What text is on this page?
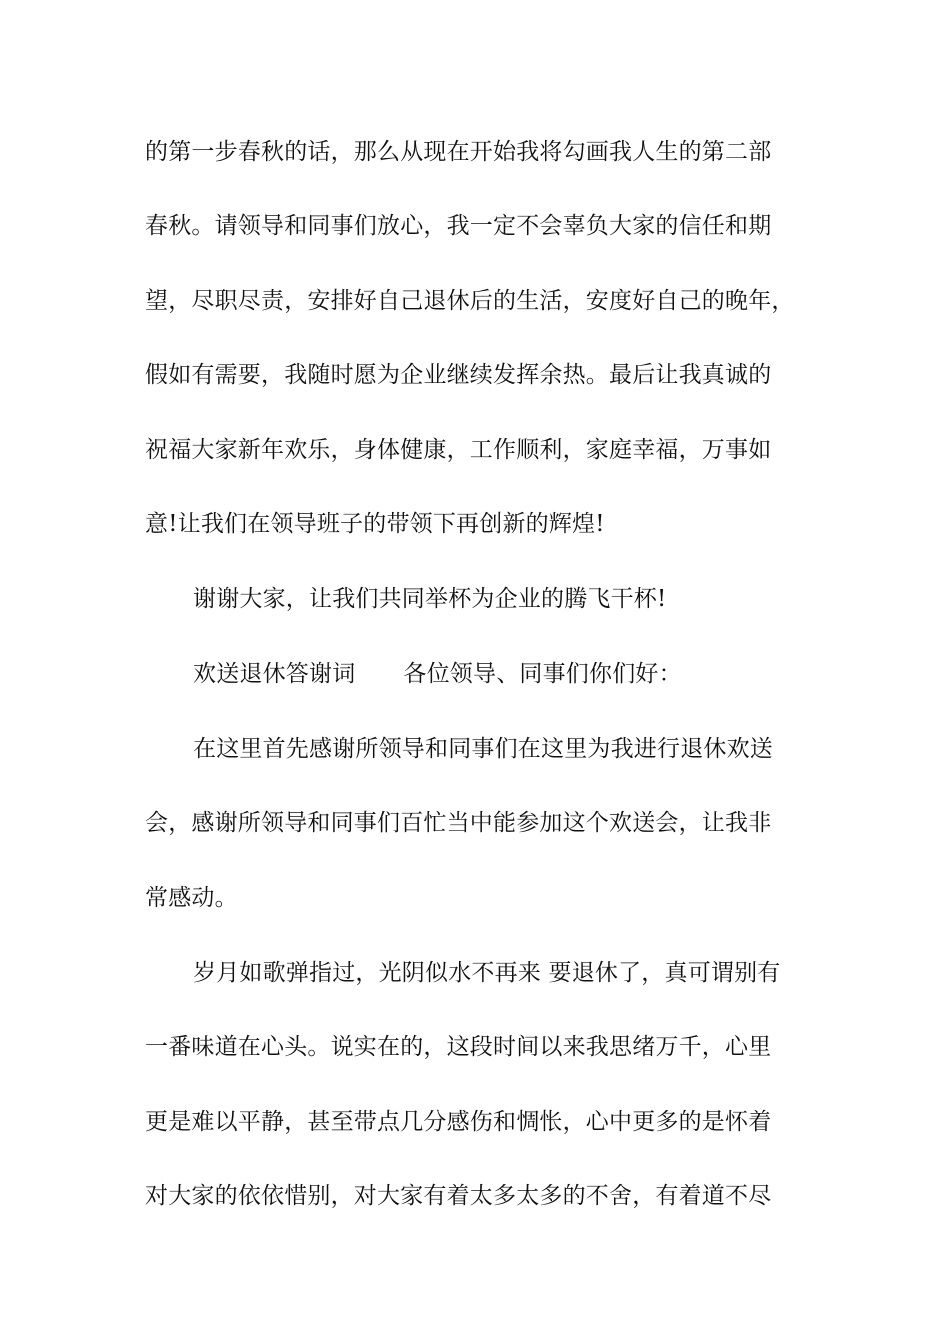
的第一步春秋的话，那么从现在开始我将勾画我人生的第二部
春秋。请领导和同事们放心，我一定不会辜负大家的信任和期
望，尽职尽责，安排好自己退休后的生活，安度好自己的晚年，
假如有需要，我随时愿为企业继续发挥余热。最后让我真诚的
祝福大家新年欢乐，身体健康，工作顺利，家庭幸福，万事如
意!让我们在领导班子的带领下再创新的辉煌!
谢谢大家，让我们共同举杯为企业的腾飞干杯!
欢送退休答谢词 各位领导、同事们你们好：
在这里首先感谢所领导和同事们在这里为我进行退休欢送
会，感谢所领导和同事们百忙当中能参加这个欢送会，让我非
常感动。
岁月如歌弹指过，光阴似水不再来 要退休了，真可谓别有
一番味道在心头。说实在的，这段时间以来我思绪万千，心里
更是难以平静，甚至带点几分感伤和惆怅，心中更多的是怀着
对大家的依依惜别，对大家有着太多太多的不舍，有着道不尽
